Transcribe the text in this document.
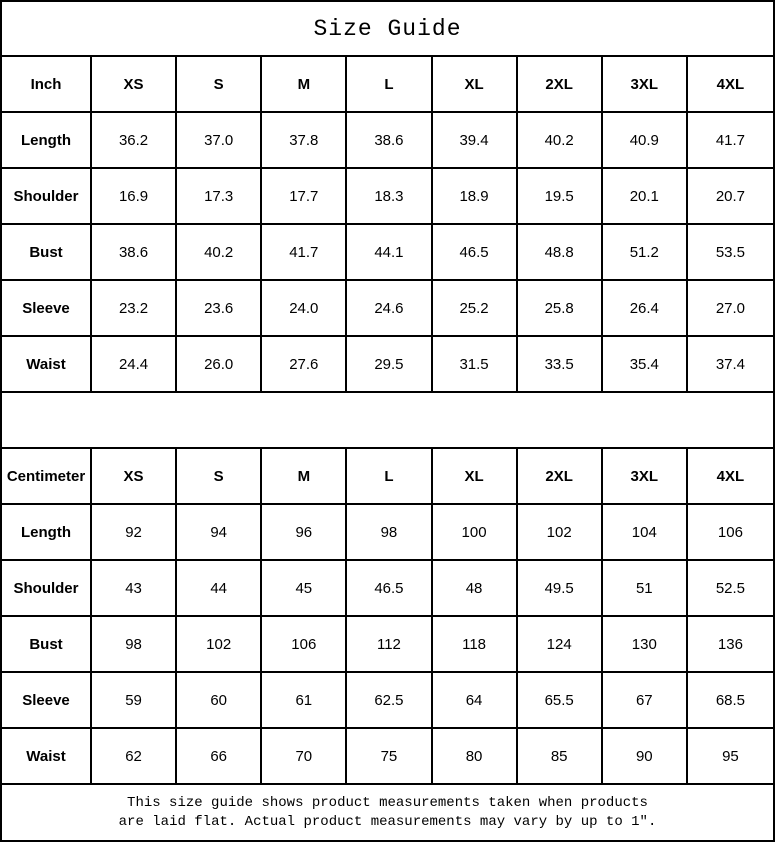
Size Guide
Inch	XS	S	M	L	XL	2XL	3XL	4XL
Length	36.2	37.0	37.8	38.6	39.4	40.2	40.9	41.7
Shoulder	16.9	17.3	17.7	18.3	18.9	19.5	20.1	20.7
Bust	38.6	40.2	41.7	44.1	46.5	48.8	51.2	53.5
Sleeve	23.2	23.6	24.0	24.6	25.2	25.8	26.4	27.0
Waist	24.4	26.0	27.6	29.5	31.5	33.5	35.4	37.4
Centimeter	XS	S	M	L	XL	2XL	3XL	4XL
Length	92	94	96	98	100	102	104	106
Shoulder	43	44	45	46.5	48	49.5	51	52.5
Bust	98	102	106	112	118	124	130	136
Sleeve	59	60	61	62.5	64	65.5	67	68.5
Waist	62	66	70	75	80	85	90	95
This size guide shows product measurements taken when products
are laid flat. Actual product measurements may vary by up to 1″.
